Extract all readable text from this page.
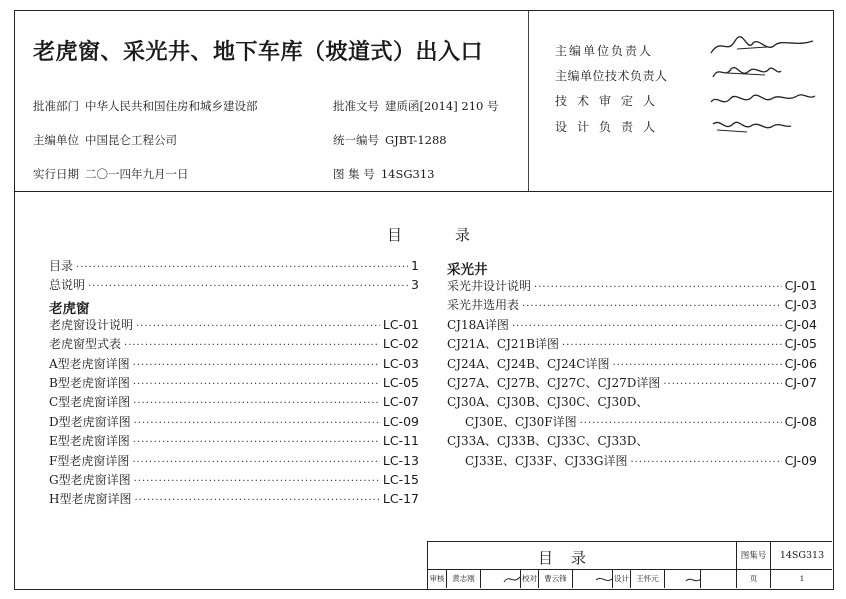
老虎窗、采光井、地下车库（坡道式）出入口
批准部门 中华人民共和国住房和城乡建设部
主编单位 中国昆仑工程公司
实行日期 二〇一四年九月一日
批准文号 建质函[2014] 210 号
统一编号 GJBT-1288
图 集 号 14SG313
主编单位负责人
主编单位技术负责人
技术审定人
设计负责人
目	录
目录 ·····	1
总说明 ·····	3
老虎窗
老虎窗设计说明 ·····	LC-01
老虎窗型式表 ·····	LC-02
A型老虎窗详图 ·····	LC-03
B型老虎窗详图 ·····	LC-05
C型老虎窗详图 ·····	LC-07
D型老虎窗详图 ·····	LC-09
E型老虎窗详图 ·····	LC-11
F型老虎窗详图 ·····	LC-13
G型老虎窗详图 ·····	LC-15
H型老虎窗详图 ·····	LC-17
采光井
采光井设计说明 ·····	CJ-01
采光井选用表 ·····	CJ-03
CJ18A详图 ·····	CJ-04
CJ21A、CJ21B详图 ·····	CJ-05
CJ24A、CJ24B、CJ24C详图 ·····	CJ-06
CJ27A、CJ27B、CJ27C、CJ27D详图 ·····	CJ-07
CJ30A、CJ30B、CJ30C、CJ30D、
CJ30E、CJ30F详图 ·····	CJ-08
CJ33A、CJ33B、CJ33C、CJ33D、
CJ33E、CJ33F、CJ33G详图 ·····	CJ-09
目录	图集号	14SG313
审核	黄志刚	校对 曹云锋	设计 王怀元	页	1
